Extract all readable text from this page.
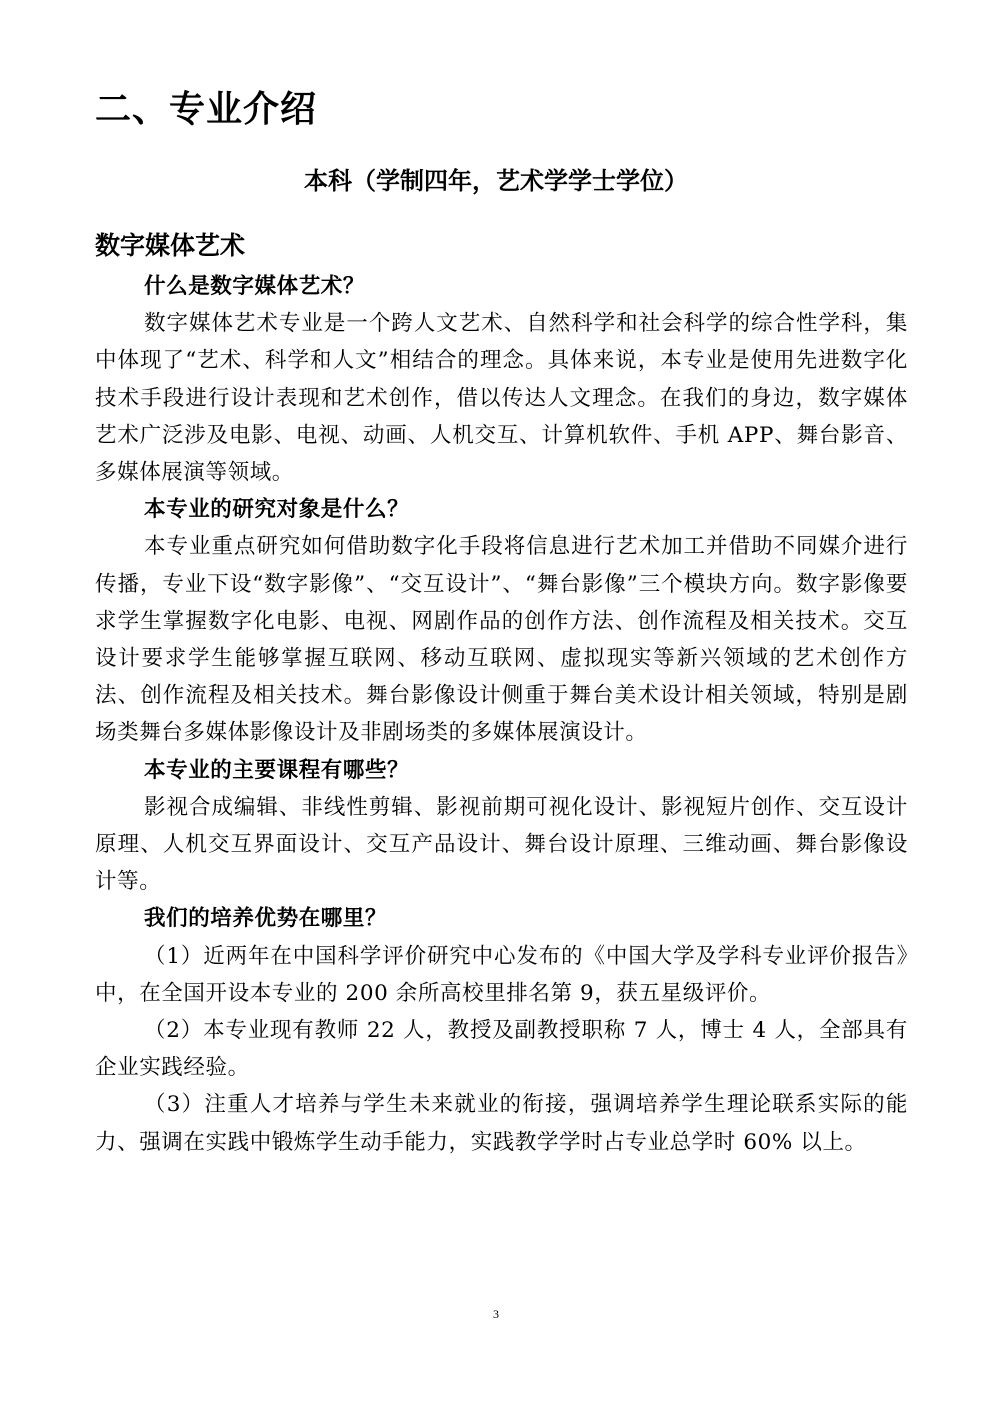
二、专业介绍
本科（学制四年，艺术学学士学位）
数字媒体艺术

什么是数字媒体艺术？

数字媒体艺术专业是一个跨人文艺术、自然科学和社会科学的综合性学科，集中体现了“艺术、科学和人文”相结合的理念。具体来说，本专业是使用先进数字化技术手段进行设计表现和艺术创作，借以传达人文理念。在我们的身边，数字媒体艺术广泛涉及电影、电视、动画、人机交互、计算机软件、手机 APP、舞台影音、多媒体展演等领域。

本专业的研究对象是什么？

本专业重点研究如何借助数字化手段将信息进行艺术加工并借助不同媒介进行传播，专业下设“数字影像”、“交互设计”、“舞台影像”三个模块方向。数字影像要求学生掌握数字化电影、电视、网剧作品的创作方法、创作流程及相关技术。交互设计要求学生能够掌握互联网、移动互联网、虚拟现实等新兴领域的艺术创作方法、创作流程及相关技术。舞台影像设计侧重于舞台美术设计相关领域，特别是剧场类舞台多媒体影像设计及非剧场类的多媒体展演设计。

本专业的主要课程有哪些？

影视合成编辑、非线性剪辑、影视前期可视化设计、影视短片创作、交互设计原理、人机交互界面设计、交互产品设计、舞台设计原理、三维动画、舞台影像设计等。

我们的培养优势在哪里？

（1）近两年在中国科学评价研究中心发布的《中国大学及学科专业评价报告》中，在全国开设本专业的 200 余所高校里排名第 9，获五星级评价。

（2）本专业现有教师 22 人，教授及副教授职称 7 人，博士 4 人，全部具有企业实践经验。

（3）注重人才培养与学生未来就业的衔接，强调培养学生理论联系实际的能力、强调在实践中锻炼学生动手能力，实践教学学时占专业总学时 60% 以上。

3
